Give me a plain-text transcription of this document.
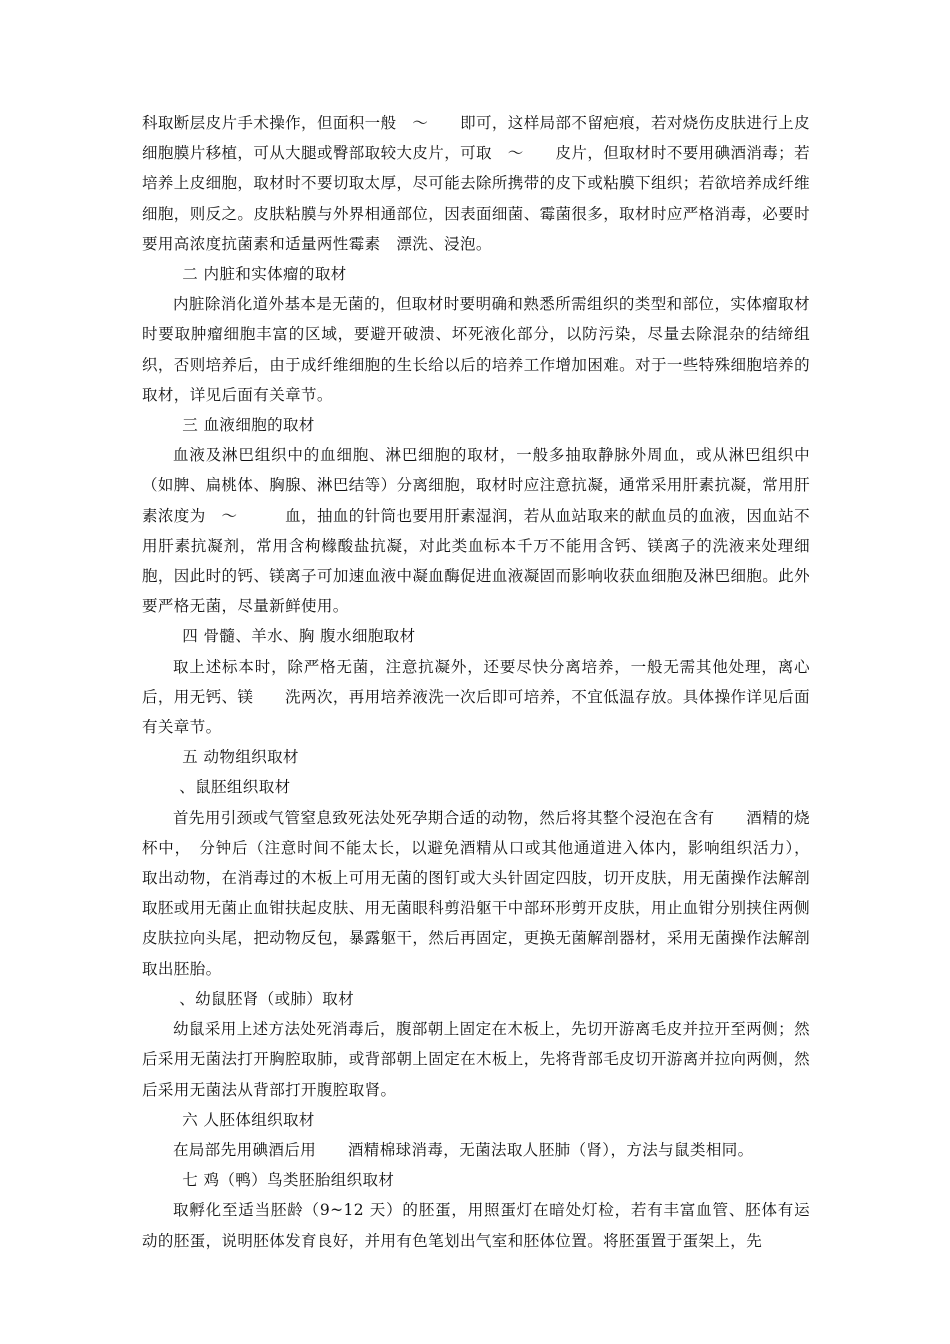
科取断层皮片手术操作，但面积一般　～　　即可，这样局部不留疤痕，若对烧伤皮肤进行上皮细胞膜片移植，可从大腿或臀部取较大皮片，可取　～　　皮片，但取材时不要用碘酒消毒；若培养上皮细胞，取材时不要切取太厚，尽可能去除所携带的皮下或粘膜下组织；若欲培养成纤维细胞，则反之。皮肤粘膜与外界相通部位，因表面细菌、霉菌很多，取材时应严格消毒，必要时要用高浓度抗菌素和适量两性霉素　漂洗、浸泡。

二 内脏和实体瘤的取材

内脏除消化道外基本是无菌的，但取材时要明确和熟悉所需组织的类型和部位，实体瘤取材时要取肿瘤细胞丰富的区域，要避开破溃、坏死液化部分，以防污染，尽量去除混杂的结缔组织，否则培养后，由于成纤维细胞的生长给以后的培养工作增加困难。对于一些特殊细胞培养的取材，详见后面有关章节。

三 血液细胞的取材

血液及淋巴组织中的血细胞、淋巴细胞的取材，一般多抽取静脉外周血，或从淋巴组织中（如脾、扁桃体、胸腺、淋巴结等）分离细胞，取材时应注意抗凝，通常采用肝素抗凝，常用肝素浓度为　～　　　血，抽血的针筒也要用肝素湿润，若从血站取来的献血员的血液，因血站不用肝素抗凝剂，常用含枸橼酸盐抗凝，对此类血标本千万不能用含钙、镁离子的洗液来处理细胞，因此时的钙、镁离子可加速血液中凝血酶促进血液凝固而影响收获血细胞及淋巴细胞。此外要严格无菌，尽量新鲜使用。

四 骨髓、羊水、胸 腹水细胞取材

取上述标本时，除严格无菌，注意抗凝外，还要尽快分离培养，一般无需其他处理，离心后，用无钙、镁　　洗两次，再用培养液洗一次后即可培养，不宜低温存放。具体操作详见后面有关章节。

五 动物组织取材

、鼠胚组织取材

首先用引颈或气管窒息致死法处死孕期合适的动物，然后将其整个浸泡在含有　　酒精的烧杯中，　分钟后（注意时间不能太长，以避免酒精从口或其他通道进入体内，影响组织活力），取出动物，在消毒过的木板上可用无菌的图钉或大头针固定四肢，切开皮肤，用无菌操作法解剖取胚或用无菌止血钳扶起皮肤、用无菌眼科剪沿躯干中部环形剪开皮肤，用止血钳分别挟住两侧皮肤拉向头尾，把动物反包，暴露躯干，然后再固定，更换无菌解剖器材，采用无菌操作法解剖取出胚胎。

、幼鼠胚肾（或肺）取材

幼鼠采用上述方法处死消毒后，腹部朝上固定在木板上，先切开游离毛皮并拉开至两侧；然后采用无菌法打开胸腔取肺，或背部朝上固定在木板上，先将背部毛皮切开游离并拉向两侧，然后采用无菌法从背部打开腹腔取肾。

六 人胚体组织取材

在局部先用碘酒后用　　酒精棉球消毒，无菌法取人胚肺（肾），方法与鼠类相同。

七 鸡（鸭）鸟类胚胎组织取材

取孵化至适当胚龄（9~12 天）的胚蛋，用照蛋灯在暗处灯检，若有丰富血管、胚体有运动的胚蛋，说明胚体发育良好，并用有色笔划出气室和胚体位置。将胚蛋置于蛋架上，先
